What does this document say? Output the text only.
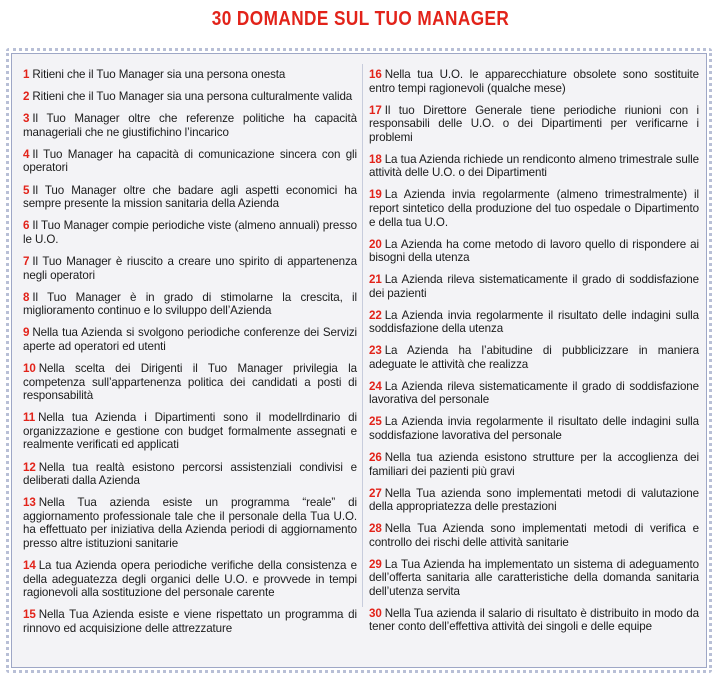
30 DOMANDE SUL TUO MANAGER
1 Ritieni che il Tuo Manager sia una persona onesta
2 Ritieni che il Tuo Manager sia una persona culturalmente valida
3 Il Tuo Manager oltre che referenze politiche ha capacità manageriali che ne giustifichino l’incarico
4 Il Tuo Manager ha capacità di comunicazione sincera con gli operatori
5 Il Tuo Manager oltre che badare agli aspetti economici ha sempre presente la mission sanitaria della Azienda
6 Il Tuo Manager compie periodiche viste (almeno annuali) presso le U.O.
7 Il Tuo Manager è riuscito a creare uno spirito di appartenenza negli operatori
8 Il Tuo Manager è in grado di stimolarne la crescita, il miglioramento continuo e lo sviluppo dell’Azienda
9 Nella tua Azienda si svolgono periodiche conferenze dei Servizi aperte ad operatori ed utenti
10 Nella scelta dei Dirigenti il Tuo Manager privilegia la competenza sull’appartenenza politica dei candidati a posti di responsabilità
11 Nella tua Azienda i Dipartimenti sono il modellrdinario di organizzazione e gestione con budget formalmente assegnati e realmente verificati ed applicati
12 Nella tua realtà esistono percorsi assistenziali condivisi e deliberati dalla Azienda
13 Nella Tua azienda esiste un programma “reale” di aggiornamento professionale tale che il personale della Tua U.O. ha effettuato per iniziativa della Azienda periodi di aggiornamento presso altre istituzioni sanitarie
14 La tua Azienda opera periodiche verifiche della consistenza e della adeguatezza degli organici delle U.O. e provvede in tempi ragionevoli alla sostituzione del personale carente
15 Nella Tua Azienda esiste e viene rispettato un programma di rinnovo ed acquisizione delle attrezzature
16 Nella tua U.O. le apparecchiature obsolete sono sostituite entro tempi ragionevoli (qualche mese)
17 Il tuo Direttore Generale tiene periodiche riunioni con i responsabili delle U.O. o dei Dipartimenti per verificarne i problemi
18 La tua Azienda richiede un rendiconto almeno trimestrale sulle attività delle U.O. o dei Dipartimenti
19 La Azienda invia regolarmente (almeno trimestralmente) il report sintetico della produzione del tuo ospedale o Dipartimento e della tua U.O.
20 La Azienda ha come metodo di lavoro quello di rispondere ai bisogni della utenza
21 La Azienda rileva sistematicamente il grado di soddisfazione dei pazienti
22 La Azienda invia regolarmente il risultato delle indagini sulla soddisfazione della utenza
23 La Azienda ha l’abitudine di pubblicizzare in maniera adeguate le attività che realizza
24 La Azienda rileva sistematicamente il grado di soddisfazione lavorativa del personale
25 La Azienda invia regolarmente il risultato delle indagini sulla soddisfazione lavorativa del personale
26 Nella tua azienda esistono strutture per la accoglienza dei familiari dei pazienti più gravi
27 Nella Tua azienda sono implementati metodi di valutazione della appropriatezza delle prestazioni
28 Nella Tua Azienda sono implementati metodi di verifica e controllo dei rischi delle attività sanitarie
29 La Tua Azienda ha implementato un sistema di adeguamento dell’offerta sanitaria alle caratteristiche della domanda sanitaria dell’utenza servita
30 Nella Tua azienda il salario di risultato è distribuito in modo da tener conto dell’effettiva attività dei singoli e delle equipe
